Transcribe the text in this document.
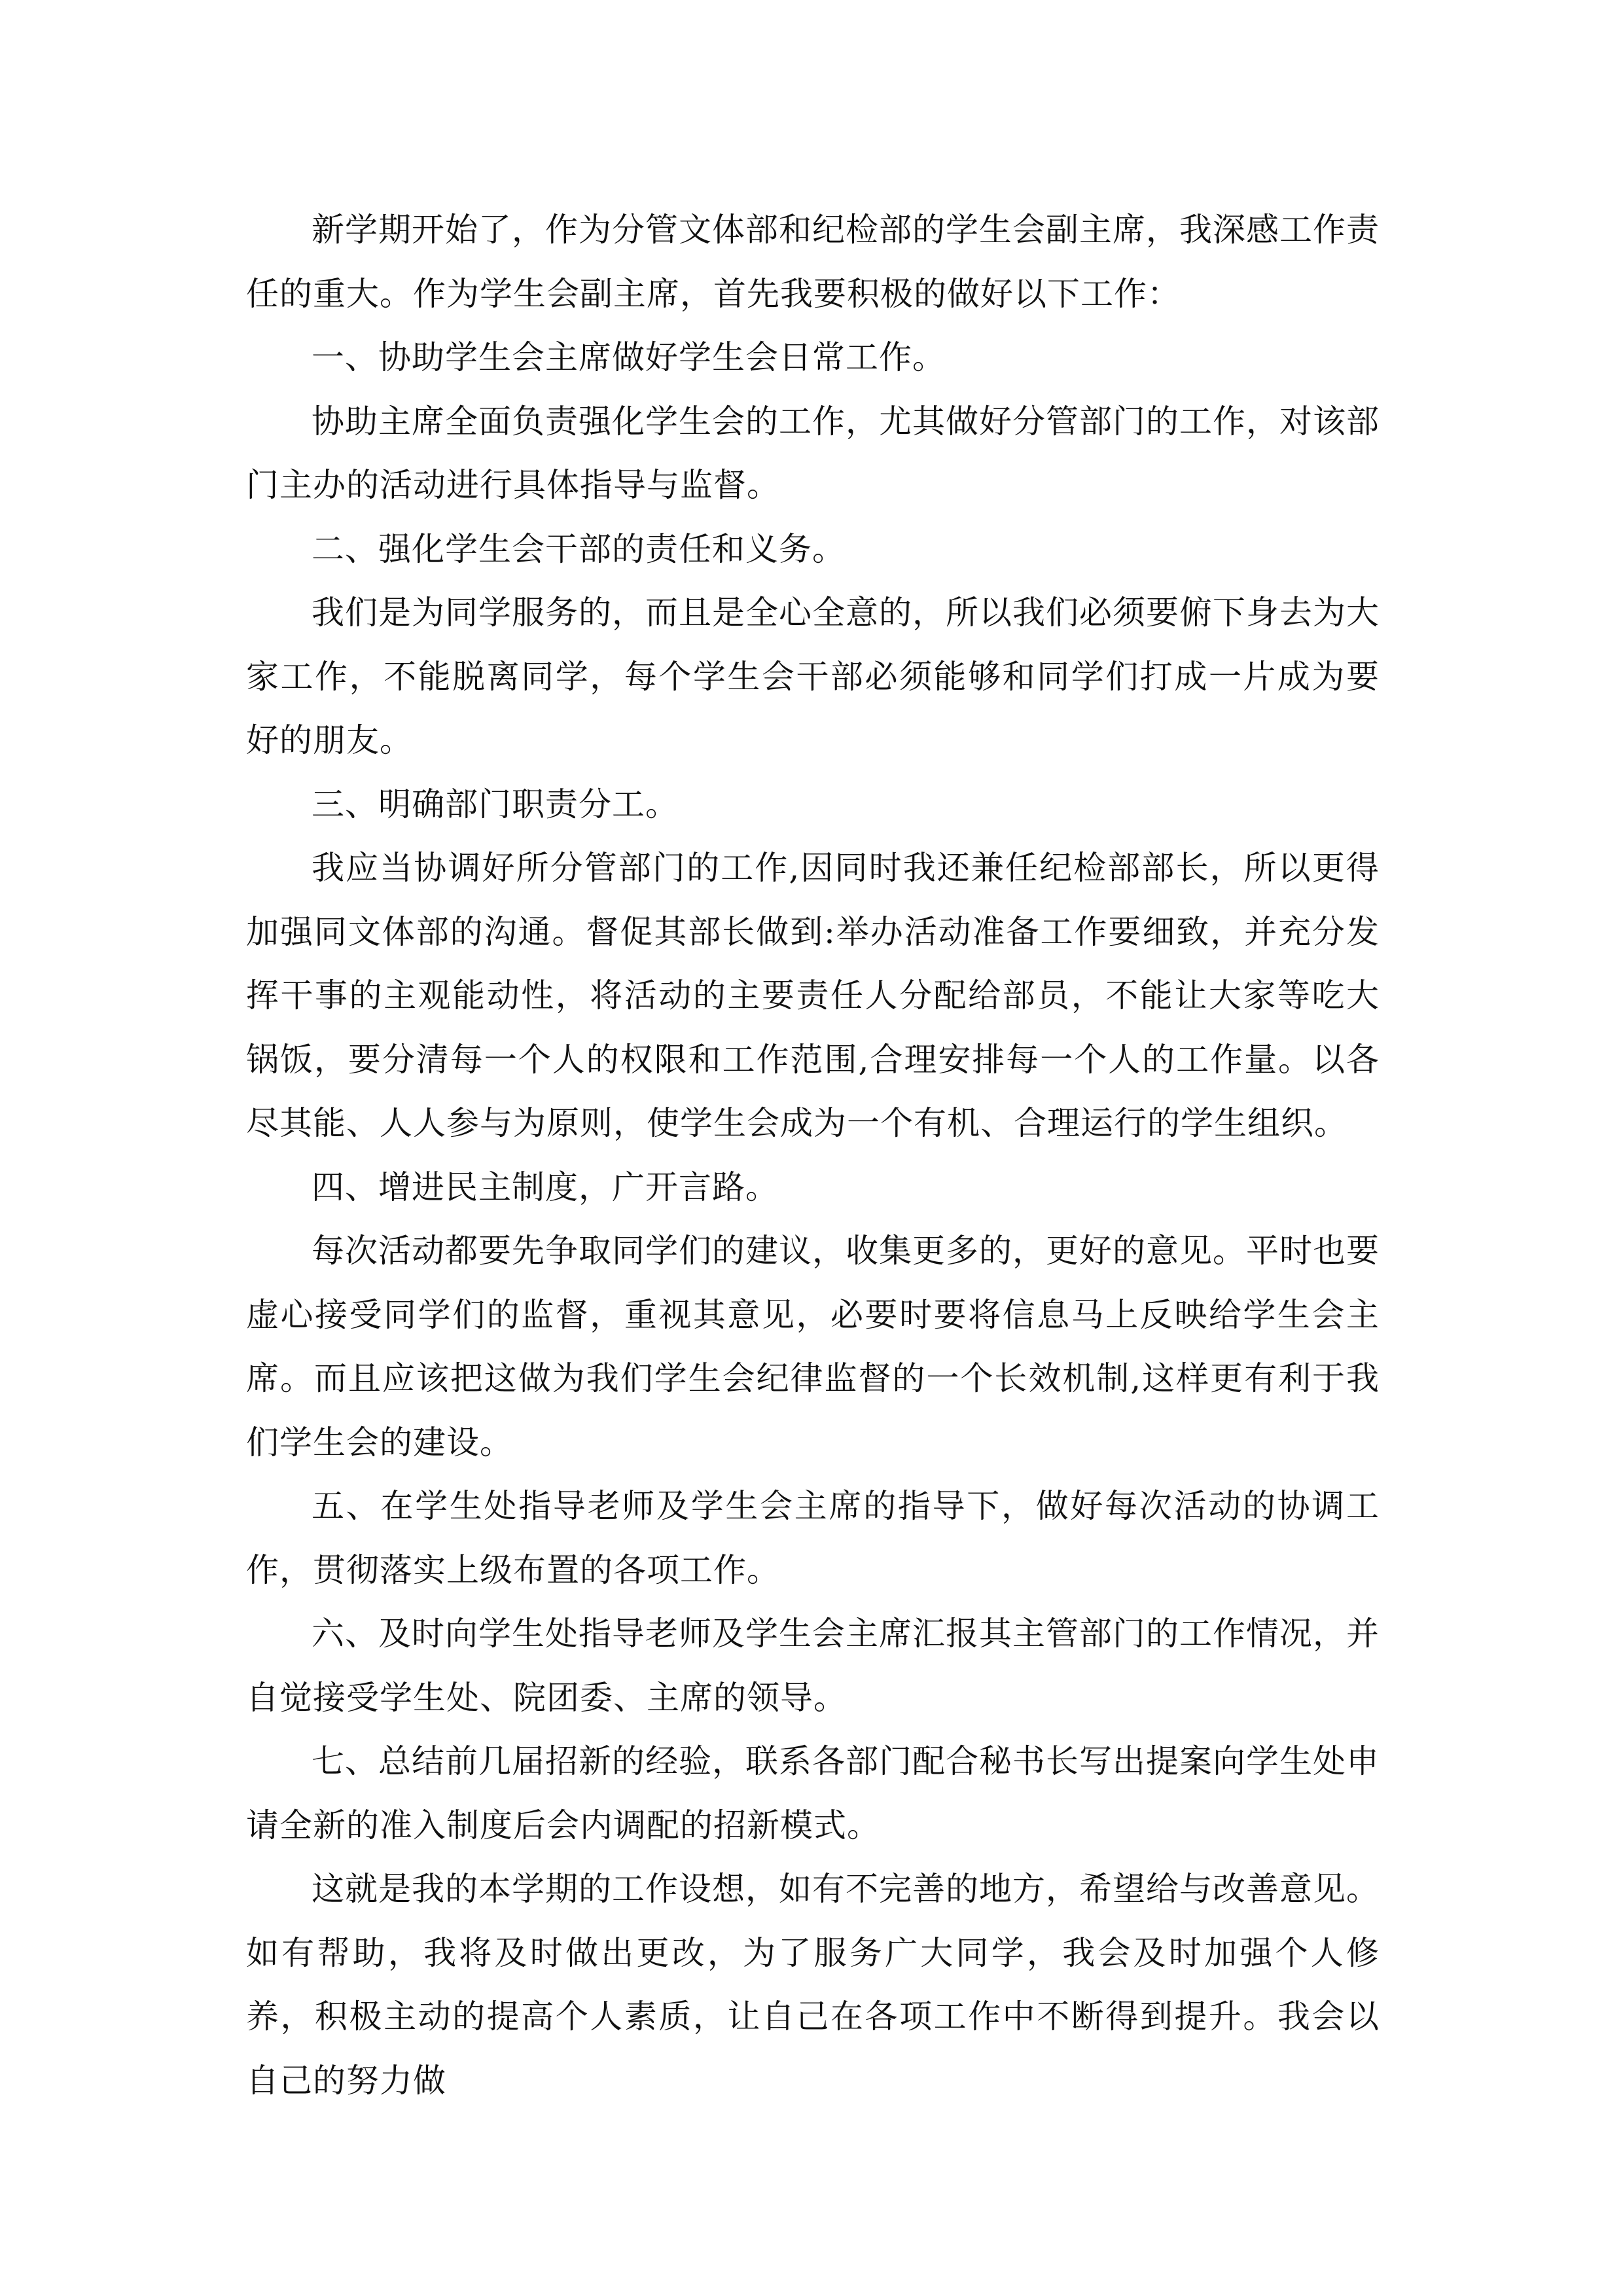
新学期开始了，作为分管文体部和纪检部的学生会副主席，我深感工作责任的重大。作为学生会副主席，首先我要积极的做好以下工作：

一、协助学生会主席做好学生会日常工作。

协助主席全面负责强化学生会的工作，尤其做好分管部门的工作，对该部门主办的活动进行具体指导与监督。

二、强化学生会干部的责任和义务。

我们是为同学服务的，而且是全心全意的，所以我们必须要俯下身去为大家工作，不能脱离同学，每个学生会干部必须能够和同学们打成一片成为要好的朋友。

三、明确部门职责分工。

我应当协调好所分管部门的工作,因同时我还兼任纪检部部长，所以更得加强同文体部的沟通。督促其部长做到:举办活动准备工作要细致，并充分发挥干事的主观能动性，将活动的主要责任人分配给部员，不能让大家等吃大锅饭，要分清每一个人的权限和工作范围,合理安排每一个人的工作量。以各尽其能、人人参与为原则，使学生会成为一个有机、合理运行的学生组织。

四、增进民主制度，广开言路。

每次活动都要先争取同学们的建议，收集更多的，更好的意见。平时也要虚心接受同学们的监督，重视其意见，必要时要将信息马上反映给学生会主席。而且应该把这做为我们学生会纪律监督的一个长效机制,这样更有利于我们学生会的建设。

五、在学生处指导老师及学生会主席的指导下，做好每次活动的协调工作，贯彻落实上级布置的各项工作。

六、及时向学生处指导老师及学生会主席汇报其主管部门的工作情况，并自觉接受学生处、院团委、主席的领导。

七、总结前几届招新的经验，联系各部门配合秘书长写出提案向学生处申请全新的准入制度后会内调配的招新模式。

这就是我的本学期的工作设想，如有不完善的地方，希望给与改善意见。如有帮助，我将及时做出更改，为了服务广大同学，我会及时加强个人修养，积极主动的提高个人素质，让自己在各项工作中不断得到提升。我会以自己的努力做
